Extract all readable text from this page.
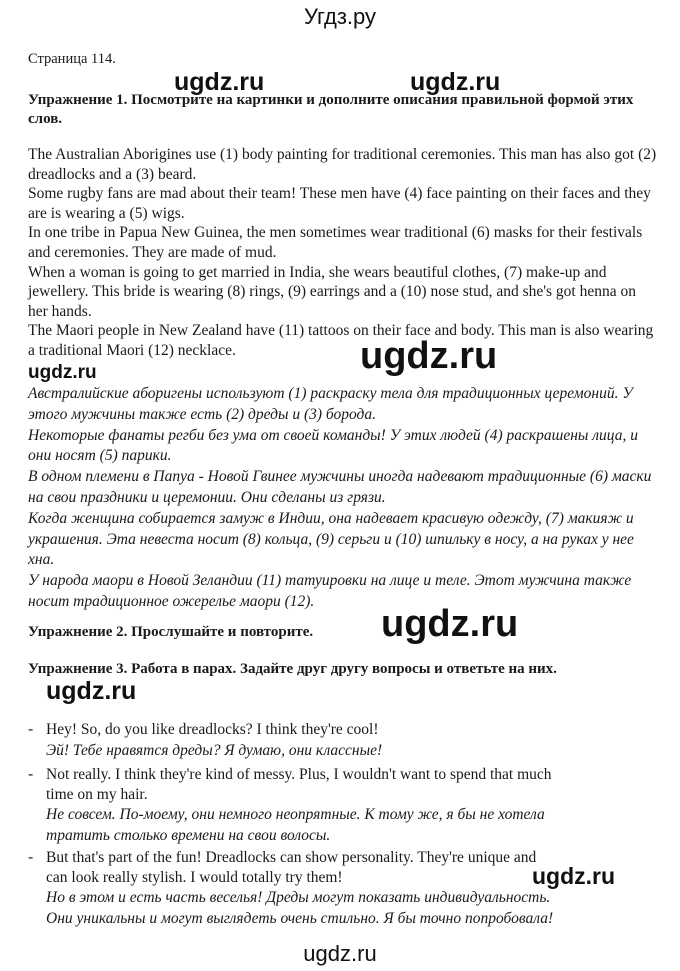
Угдз.ру
Страница 114.
Упражнение 1. Посмотрите на картинки и дополните описания правильной формой этих слов.
The Australian Aborigines use (1) body painting for traditional ceremonies. This man has also got (2) dreadlocks and a (3) beard.
Some rugby fans are mad about their team! These men have (4) face painting on their faces and they are is wearing a (5) wigs.
In one tribe in Papua New Guinea, the men sometimes wear traditional (6) masks for their festivals and ceremonies. They are made of mud.
When a woman is going to get married in India, she wears beautiful clothes, (7) make-up and jewellery. This bride is wearing (8) rings, (9) earrings and a (10) nose stud, and she's got henna on her hands.
The Maori people in New Zealand have (11) tattoos on their face and body. This man is also wearing a traditional Maori (12) necklace.
Австралийские аборигены используют (1) раскраску тела для традиционных церемоний. У этого мужчины также есть (2) дреды и (3) борода.
Некоторые фанаты регби без ума от своей команды! У этих людей (4) раскрашены лица, и они носят (5) парики.
В одном племени в Папуа - Новой Гвинее мужчины иногда надевают традиционные (6) маски на свои праздники и церемонии. Они сделаны из грязи.
Когда женщина собирается замуж в Индии, она надевает красивую одежду, (7) макияж и украшения. Эта невеста носит (8) кольца, (9) серьги и (10) шпильку в носу, а на руках у нее хна.
У народа маори в Новой Зеландии (11) татуировки на лице и теле. Этот мужчина также носит традиционное ожерелье маори (12).
Упражнение 2. Прослушайте и повторите.
Упражнение 3. Работа в парах. Задайте друг другу вопросы и ответьте на них.
- Hey! So, do you like dreadlocks? I think they're cool!
Эй! Тебе нравятся дреды? Я думаю, они классные!
- Not really. I think they're kind of messy. Plus, I wouldn't want to spend that much
time on my hair.
Не совсем. По-моему, они немного неопрятные. К тому же, я бы не хотела
тратить столько времени на свои волосы.
- But that's part of the fun! Dreadlocks can show personality. They're unique and
can look really stylish. I would totally try them!
Но в этом и есть часть веселья! Дреды могут показать индивидуальность.
Они уникальны и могут выглядеть очень стильно. Я бы точно попробовала!
ugdz.ru	ugdz.ru
ugdz.ru
ugdz.ru
ugdz.ru
ugdz.ru
ugdz.ru
ugdz.ru
